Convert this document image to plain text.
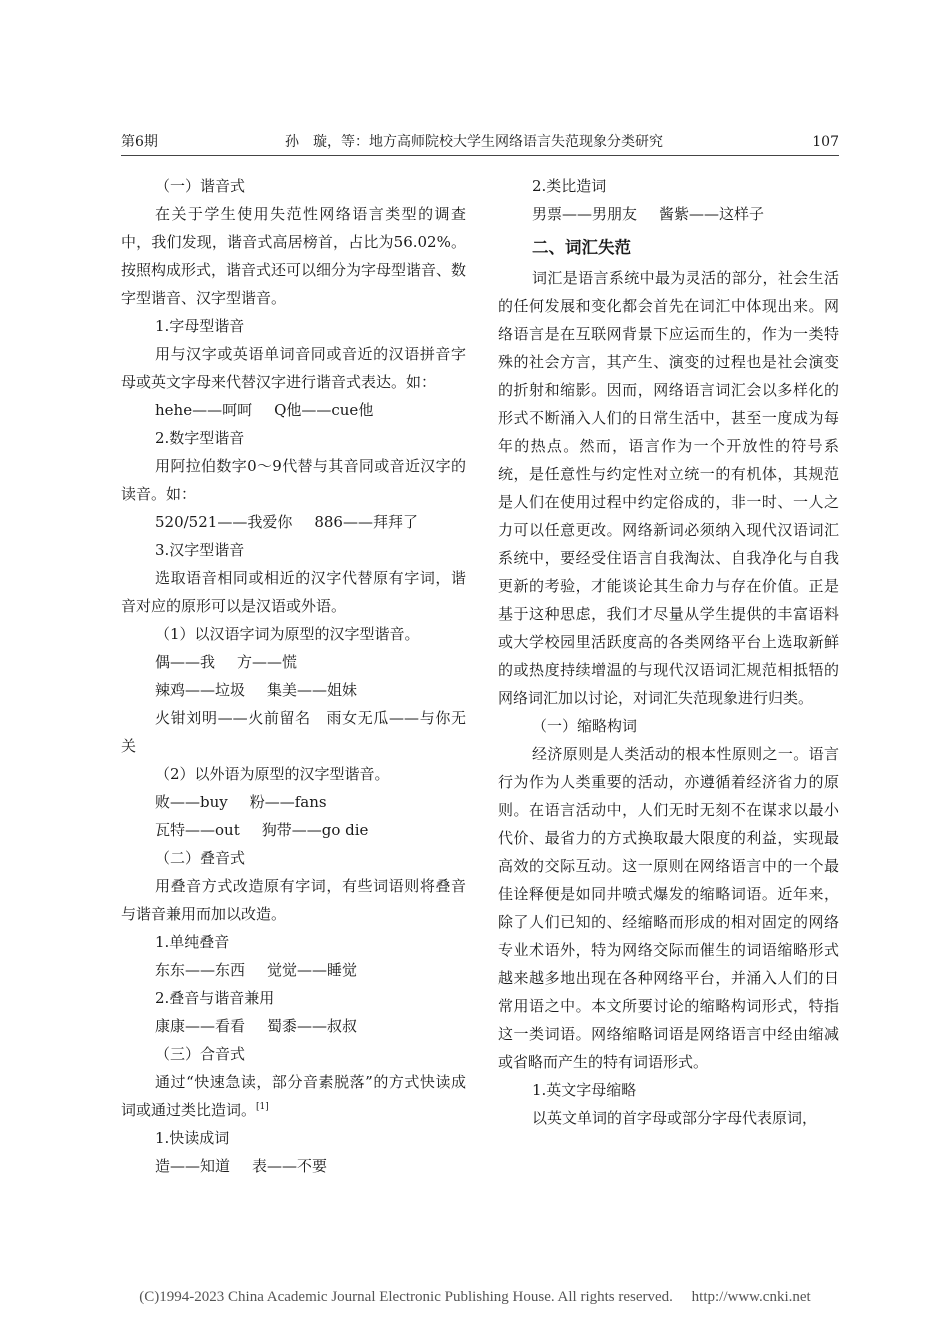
第6期	孙　璇，等：地方高师院校大学生网络语言失范现象分类研究	107

（一）谐音式

在关于学生使用失范性网络语言类型的调查中，我们发现，谐音式高居榜首，占比为56.02%。按照构成形式，谐音式还可以细分为字母型谐音、数字型谐音、汉字型谐音。

1.字母型谐音

用与汉字或英语单词音同或音近的汉语拼音字母或英文字母来代替汉字进行谐音式表达。如：

hehe——呵呵 Q他——cue他

2.数字型谐音

用阿拉伯数字0～9代替与其音同或音近汉字的读音。如：

520/521——我爱你 886——拜拜了

3.汉字型谐音

选取语音相同或相近的汉字代替原有字词，谐音对应的原形可以是汉语或外语。

（1）以汉语字词为原型的汉字型谐音。

偶——我 方——慌
辣鸡——垃圾 集美——姐妹

火钳刘明——火前留名　雨女无瓜——与你无关

（2）以外语为原型的汉字型谐音。

败——buy 粉——fans
瓦特——out 狗带——go die

（二）叠音式

用叠音方式改造原有字词，有些词语则将叠音与谐音兼用而加以改造。

1.单纯叠音

东东——东西 觉觉——睡觉

2.叠音与谐音兼用

康康——看看 蜀黍——叔叔

（三）合音式

通过“快速急读，部分音素脱落”的方式快读成词或通过类比造词。[1]

1.快读成词

造——知道 表——不要

2.类比造词

男票——男朋友 酱紫——这样子
二、词汇失范

词汇是语言系统中最为灵活的部分，社会生活的任何发展和变化都会首先在词汇中体现出来。网络语言是在互联网背景下应运而生的，作为一类特殊的社会方言，其产生、演变的过程也是社会演变的折射和缩影。因而，网络语言词汇会以多样化的形式不断涌入人们的日常生活中，甚至一度成为每年的热点。然而，语言作为一个开放性的符号系统，是任意性与约定性对立统一的有机体，其规范是人们在使用过程中约定俗成的，非一时、一人之力可以任意更改。网络新词必须纳入现代汉语词汇系统中，要经受住语言自我淘汰、自我净化与自我更新的考验，才能谈论其生命力与存在价值。正是基于这种思虑，我们才尽量从学生提供的丰富语料或大学校园里活跃度高的各类网络平台上选取新鲜的或热度持续增温的与现代汉语词汇规范相抵牾的网络词汇加以讨论，对词汇失范现象进行归类。

（一）缩略构词

经济原则是人类活动的根本性原则之一。语言行为作为人类重要的活动，亦遵循着经济省力的原则。在语言活动中，人们无时无刻不在谋求以最小代价、最省力的方式换取最大限度的利益，实现最高效的交际互动。这一原则在网络语言中的一个最佳诠释便是如同井喷式爆发的缩略词语。近年来，除了人们已知的、经缩略而形成的相对固定的网络专业术语外，特为网络交际而催生的词语缩略形式越来越多地出现在各种网络平台，并涌入人们的日常用语之中。本文所要讨论的缩略构词形式，特指这一类词语。网络缩略词语是网络语言中经由缩减或省略而产生的特有词语形式。

1.英文字母缩略

以英文单词的首字母或部分字母代表原词，

(C)1994-2023 China Academic Journal Electronic Publishing House. All rights reserved.　 http://www.cnki.net
